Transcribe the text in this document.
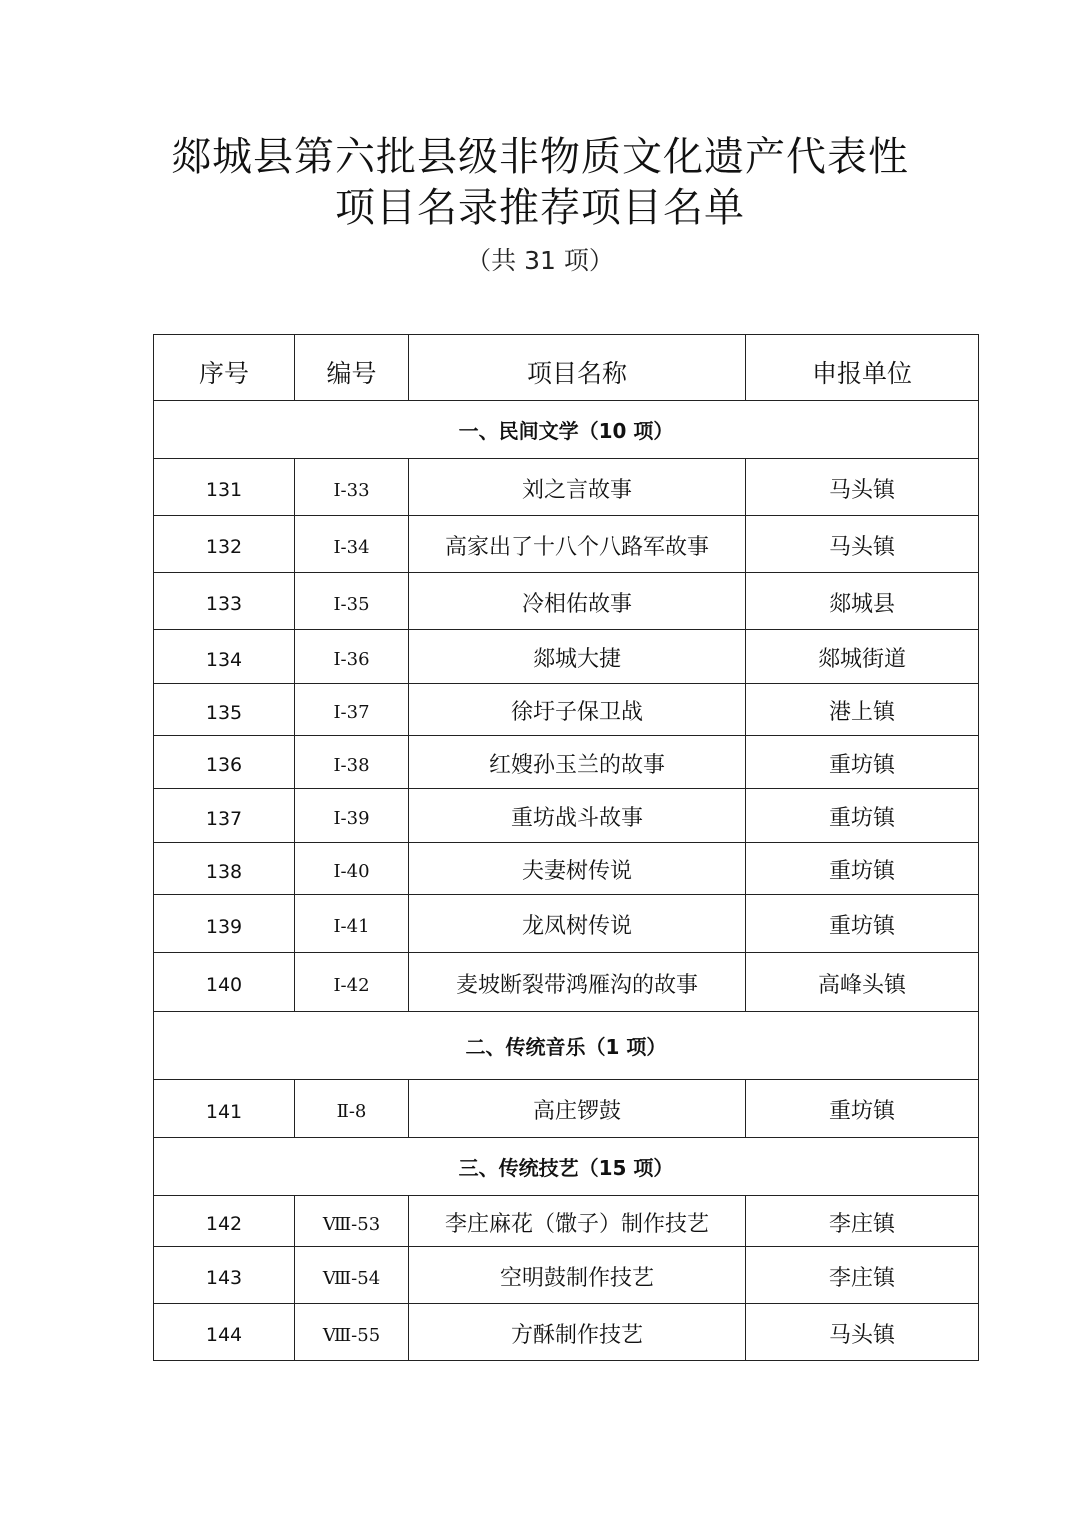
郯城县第六批县级非物质文化遗产代表性
项目名录推荐项目名单
（共 31 项）
序号	编号	项目名称	申报单位
一、民间文学（10 项）			
131	Ⅰ-33	刘之言故事	马头镇
132	Ⅰ-34	高家出了十八个八路军故事	马头镇
133	Ⅰ-35	冷相佑故事	郯城县
134	Ⅰ-36	郯城大捷	郯城街道
135	Ⅰ-37	徐圩子保卫战	港上镇
136	Ⅰ-38	红嫂孙玉兰的故事	重坊镇
137	Ⅰ-39	重坊战斗故事	重坊镇
138	Ⅰ-40	夫妻树传说	重坊镇
139	Ⅰ-41	龙凤树传说	重坊镇
140	Ⅰ-42	麦坡断裂带鸿雁沟的故事	高峰头镇
二、传统音乐（1 项）			
141	Ⅱ-8	高庄锣鼓	重坊镇
三、传统技艺（15 项）			
142	Ⅷ-53	李庄麻花（馓子）制作技艺	李庄镇
143	Ⅷ-54	空明鼓制作技艺	李庄镇
144	Ⅷ-55	方酥制作技艺	马头镇
